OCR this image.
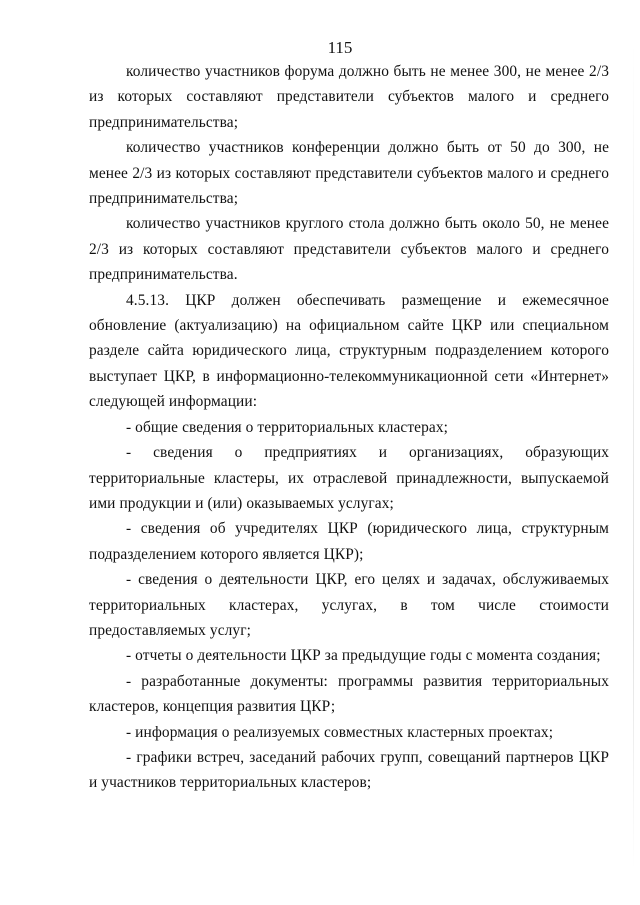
115

количество участников форума должно быть не менее 300, не менее 2/3 из которых составляют представители субъектов малого и среднего предпринимательства;

количество участников конференции должно быть от 50 до 300, не менее 2/3 из которых составляют представители субъектов малого и среднего предпринимательства;

количество участников круглого стола должно быть около 50, не менее 2/3 из которых составляют представители субъектов малого и среднего предпринимательства.

4.5.13. ЦКР должен обеспечивать размещение и ежемесячное обновление (актуализацию) на официальном сайте ЦКР или специальном разделе сайта юридического лица, структурным подразделением которого выступает ЦКР, в информационно-телекоммуникационной сети «Интернет» следующей информации:

- общие сведения о территориальных кластерах;

- сведения о предприятиях и организациях, образующих территориальные кластеры, их отраслевой принадлежности, выпускаемой ими продукции и (или) оказываемых услугах;

- сведения об учредителях ЦКР (юридического лица, структурным подразделением которого является ЦКР);

- сведения о деятельности ЦКР, его целях и задачах, обслуживаемых территориальных кластерах, услугах, в том числе стоимости предоставляемых услуг;

- отчеты о деятельности ЦКР за предыдущие годы с момента создания;

- разработанные документы: программы развития территориальных кластеров, концепция развития ЦКР;

- информация о реализуемых совместных кластерных проектах;

- графики встреч, заседаний рабочих групп, совещаний партнеров ЦКР и участников территориальных кластеров;
